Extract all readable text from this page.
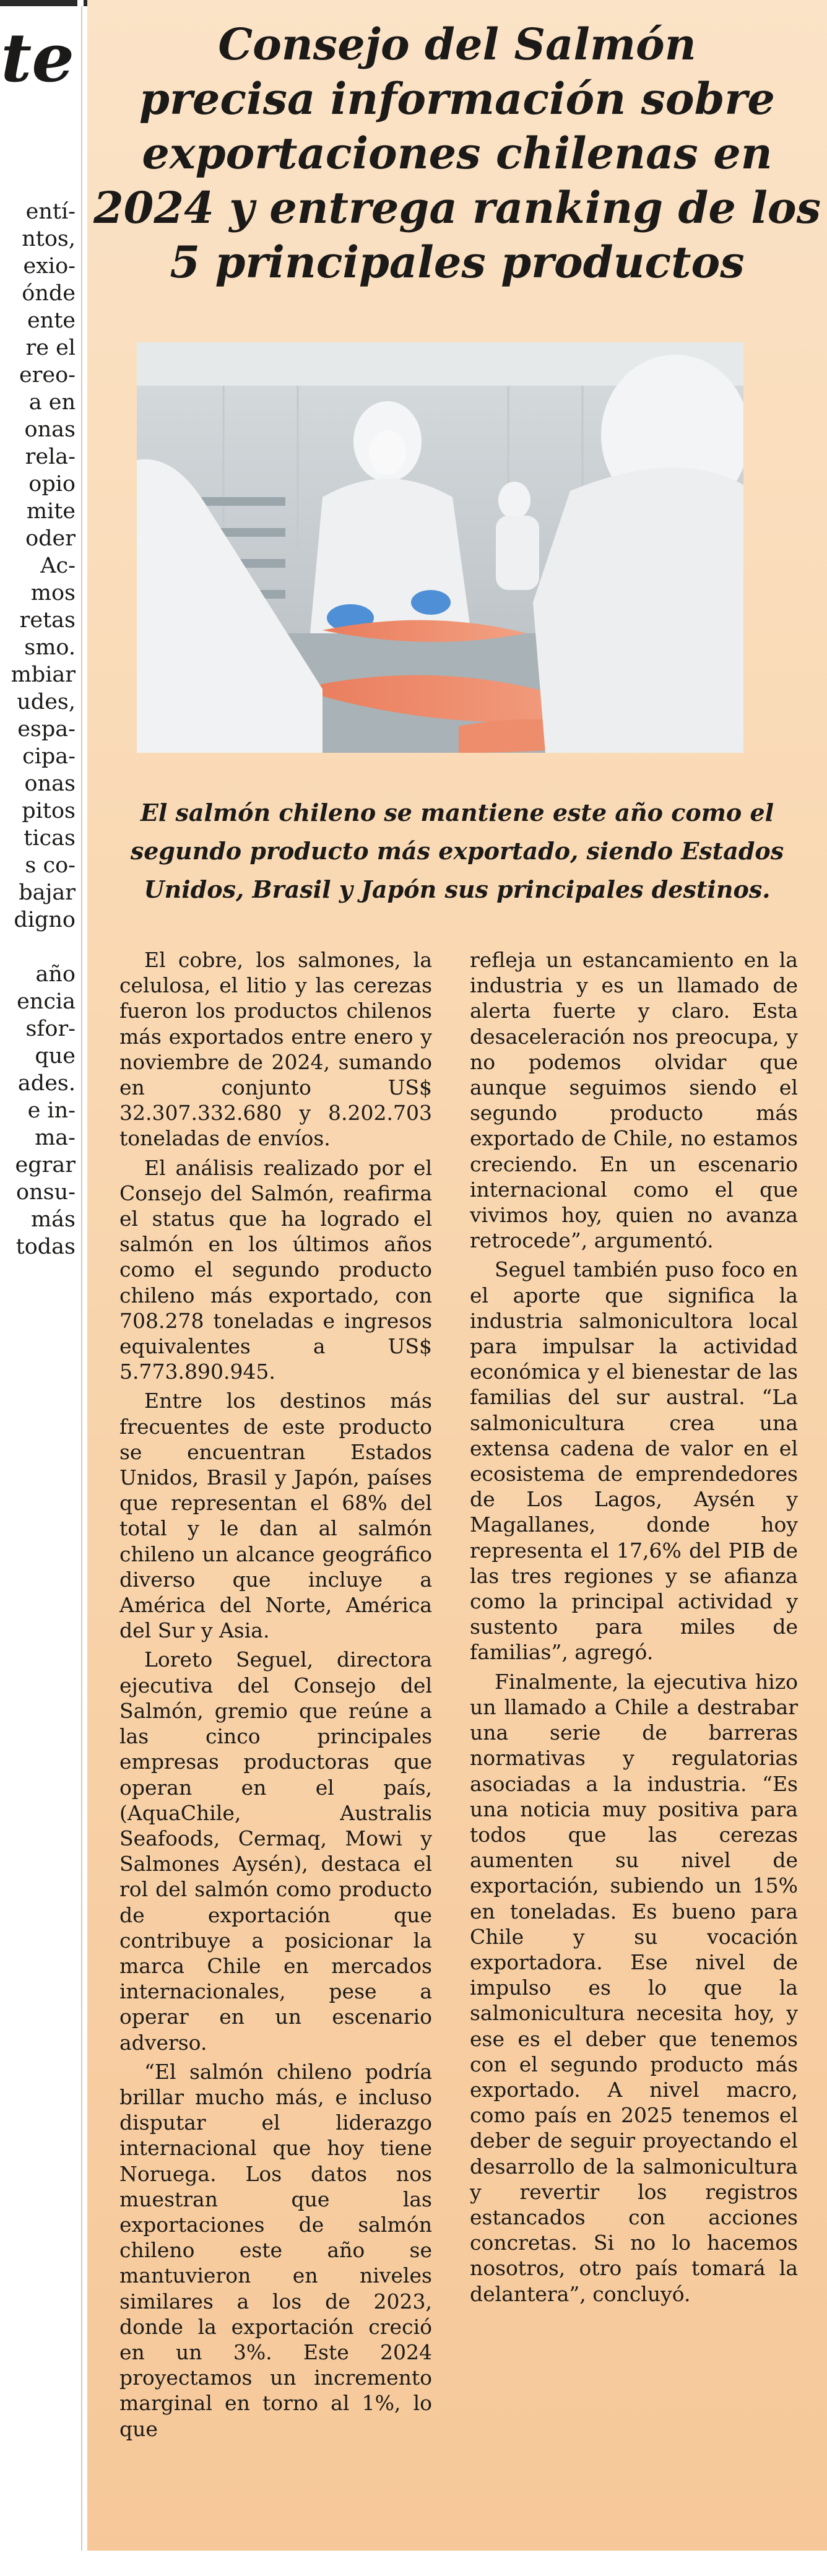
te
entí-
ntos,
exio-
ónde
ente
re el
ereo-
a en
onas
rela-
opio
mite
oder
Ac-
mos
retas
smo.
mbiar
udes,
espa-
cipa-
onas
pitos
ticas
s co-
bajar
digno
año
encia
sfor-
que
ades.
e in-
ma-
egrar
onsu-
más
todas
Consejo del Salmón
precisa información sobre
exportaciones chilenas en
2024 y entrega ranking de los
5 principales productos
El salmón chileno se mantiene este año como el
segundo producto más exportado, siendo Estados
Unidos, Brasil y Japón sus principales destinos.

El cobre, los salmones, la celulosa, el litio y las cerezas fueron los productos chilenos más exportados entre enero y noviembre de 2024, sumando en conjunto US$ 32.307.332.680 y 8.202.703 toneladas de envíos.

El análisis realizado por el Consejo del Salmón, reafirma el status que ha logrado el salmón en los últimos años como el segundo producto chileno más exportado, con 708.278 toneladas e ingresos equivalentes a US$ 5.773.890.945.

Entre los destinos más frecuentes de este producto se encuentran Estados Unidos, Brasil y Japón, países que representan el 68% del total y le dan al salmón chileno un alcance geográfico diverso que incluye a América del Norte, América del Sur y Asia.

Loreto Seguel, directora ejecutiva del Consejo del Salmón, gremio que reúne a las cinco principales empresas productoras que operan en el país, (AquaChile, Australis Seafoods, Cermaq, Mowi y Salmones Aysén), destaca el rol del salmón como producto de exportación que contribuye a posicionar la marca Chile en mercados internacionales, pese a operar en un escenario adverso.

“El salmón chileno podría brillar mucho más, e incluso disputar el liderazgo internacional que hoy tiene Noruega. Los datos nos muestran que las exportaciones de salmón chileno este año se mantuvieron en niveles similares a los de 2023, donde la exportación creció en un 3%. Este 2024 proyectamos un incremento marginal en torno al 1%, lo que

refleja un estancamiento en la industria y es un llamado de alerta fuerte y claro. Esta desaceleración nos preocupa, y no podemos olvidar que aunque seguimos siendo el segundo producto más exportado de Chile, no estamos creciendo. En un escenario internacional como el que vivimos hoy, quien no avanza retrocede”, argumentó.

Seguel también puso foco en el aporte que significa la industria salmonicultora local para impulsar la actividad económica y el bienestar de las familias del sur austral. “La salmonicultura crea una extensa cadena de valor en el ecosistema de emprendedores de Los Lagos, Aysén y Magallanes, donde hoy representa el 17,6% del PIB de las tres regiones y se afianza como la principal actividad y sustento para miles de familias”, agregó.

Finalmente, la ejecutiva hizo un llamado a Chile a destrabar una serie de barreras normativas y regulatorias asociadas a la industria. “Es una noticia muy positiva para todos que las cerezas aumenten su nivel de exportación, subiendo un 15% en toneladas. Es bueno para Chile y su vocación exportadora. Ese nivel de impulso es lo que la salmonicultura necesita hoy, y ese es el deber que tenemos con el segundo producto más exportado. A nivel macro, como país en 2025 tenemos el deber de seguir proyectando el desarrollo de la salmonicultura y revertir los registros estancados con acciones concretas. Si no lo hacemos nosotros, otro país tomará la delantera”, concluyó.
